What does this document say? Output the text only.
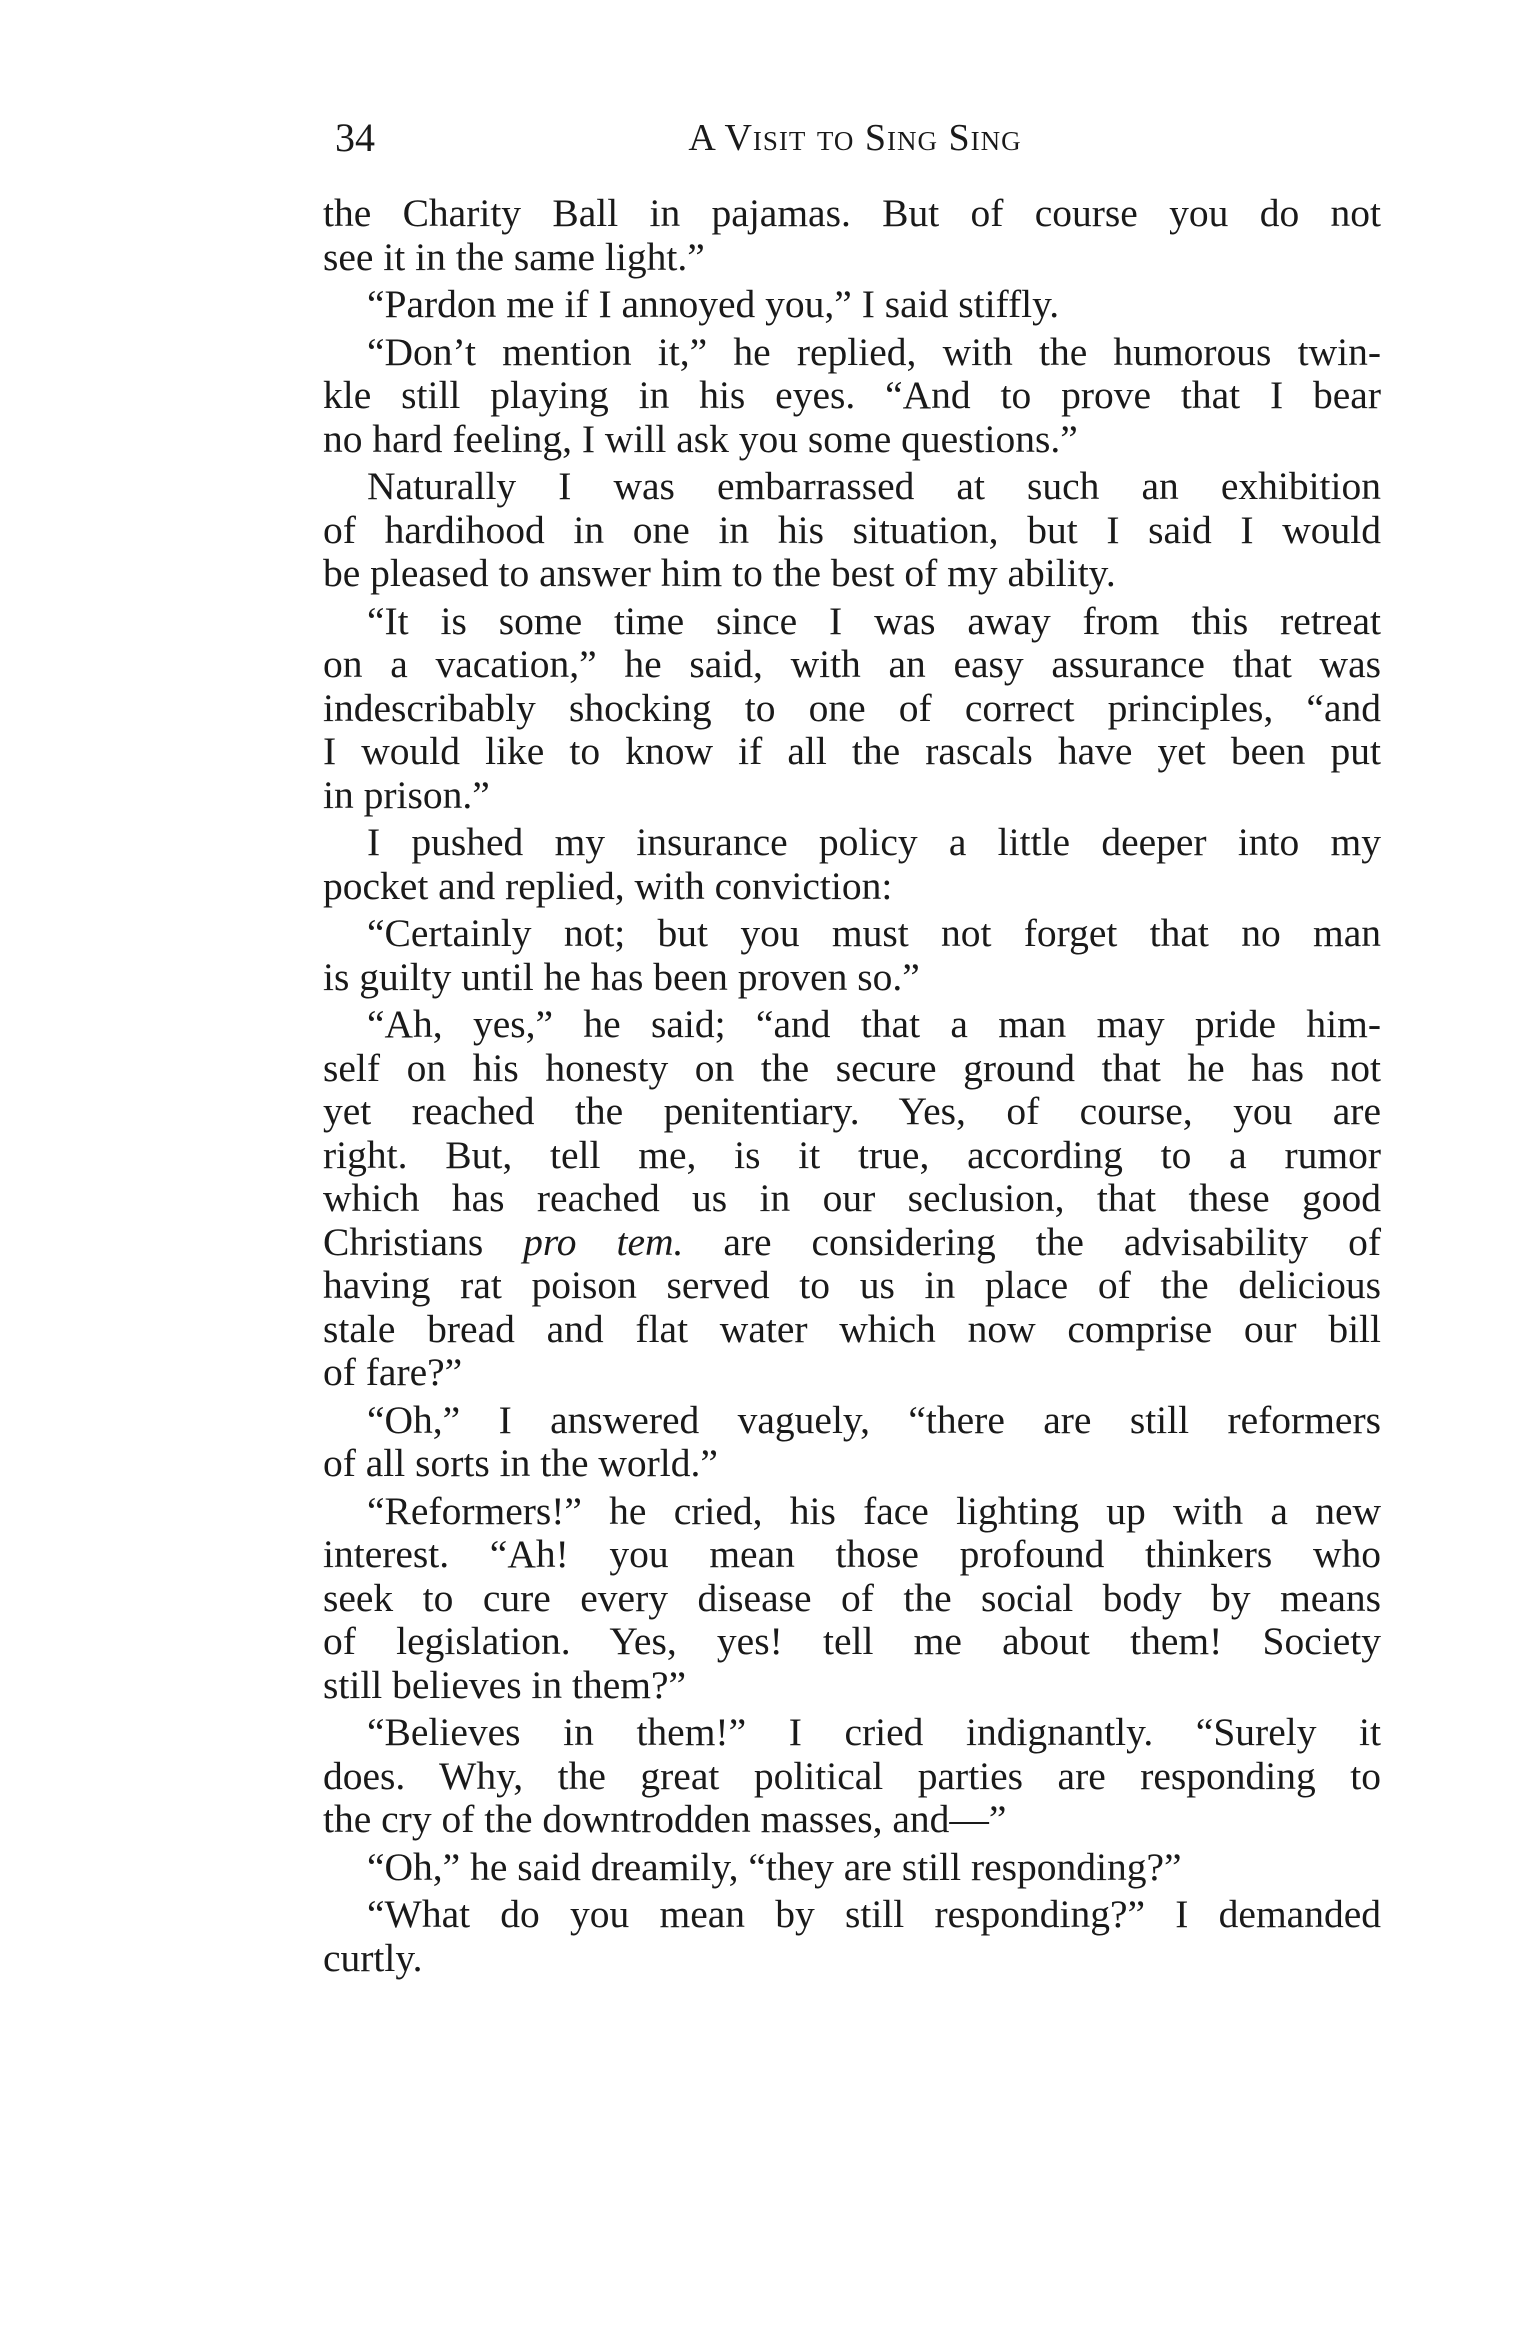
34	A Visit to Sing Sing
the Charity Ball in pajamas. But of course you do not
see it in the same light.”
“Pardon me if I annoyed you,” I said stiffly.
“Don’t mention it,” he replied, with the humorous twin-
kle still playing in his eyes. “And to prove that I bear
no hard feeling, I will ask you some questions.”
Naturally I was embarrassed at such an exhibition
of hardihood in one in his situation, but I said I would
be pleased to answer him to the best of my ability.
“It is some time since I was away from this retreat
on a vacation,” he said, with an easy assurance that was
indescribably shocking to one of correct principles, “and
I would like to know if all the rascals have yet been put
in prison.”
I pushed my insurance policy a little deeper into my
pocket and replied, with conviction:
“Certainly not; but you must not forget that no man
is guilty until he has been proven so.”
“Ah, yes,” he said; “and that a man may pride him-
self on his honesty on the secure ground that he has not
yet reached the penitentiary. Yes, of course, you are
right. But, tell me, is it true, according to a rumor
which has reached us in our seclusion, that these good
Christians pro tem. are considering the advisability of
having rat poison served to us in place of the delicious
stale bread and flat water which now comprise our bill
of fare?”
“Oh,” I answered vaguely, “there are still reformers
of all sorts in the world.”
“Reformers!” he cried, his face lighting up with a new
interest. “Ah! you mean those profound thinkers who
seek to cure every disease of the social body by means
of legislation. Yes, yes! tell me about them! Society
still believes in them?”
“Believes in them!” I cried indignantly. “Surely it
does. Why, the great political parties are responding to
the cry of the downtrodden masses, and—”
“Oh,” he said dreamily, “they are still responding?”
“What do you mean by still responding?” I demanded
curtly.
